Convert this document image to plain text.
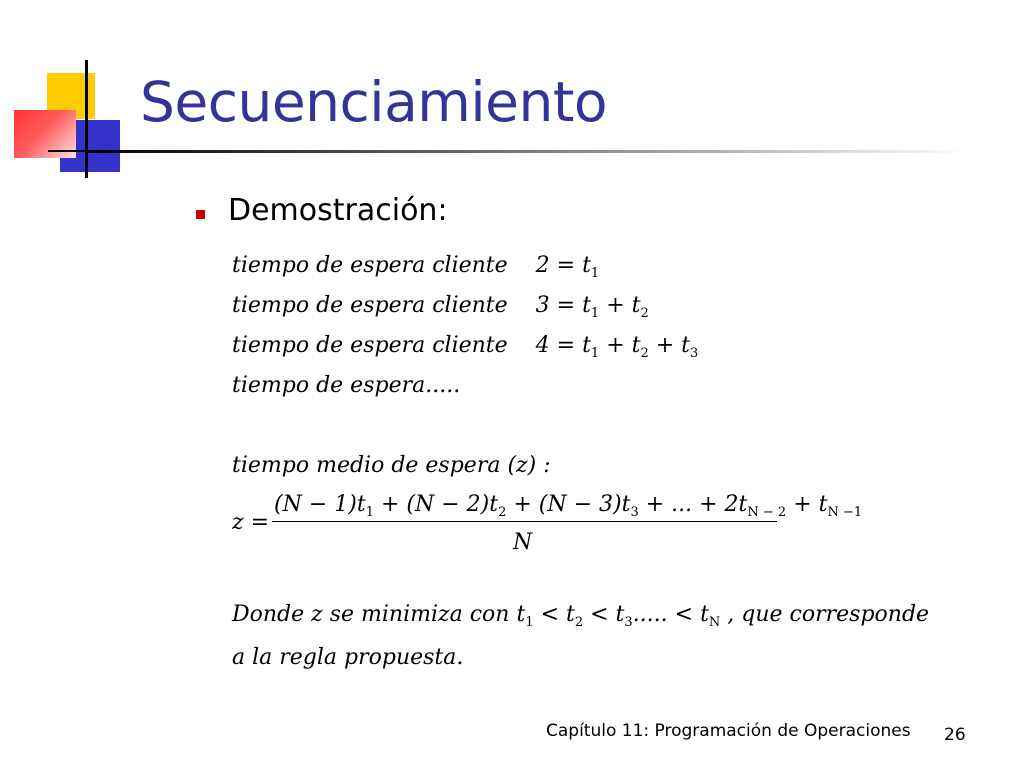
Secuenciamiento
Demostración:
tiempo de espera cliente $2 = t_1$
tiempo de espera cliente $3 = t_1 + t_2$
tiempo de espera cliente $4 = t_1 + t_2 + t_3$
tiempo de espera.....
tiempo medio de espera (z) :
z =
$(N - 1)t_1 + (N - 2)t_2 + (N - 3)t_3$ + ... + $2t_{N - 2} + t_{N -1}$
N
Donde z se minimiza con $t_1 < t_2 < t_3$..... < $t_N$ , que corresponde
a la regla propuesta.
Capítulo 11: Programación de Operaciones 26
